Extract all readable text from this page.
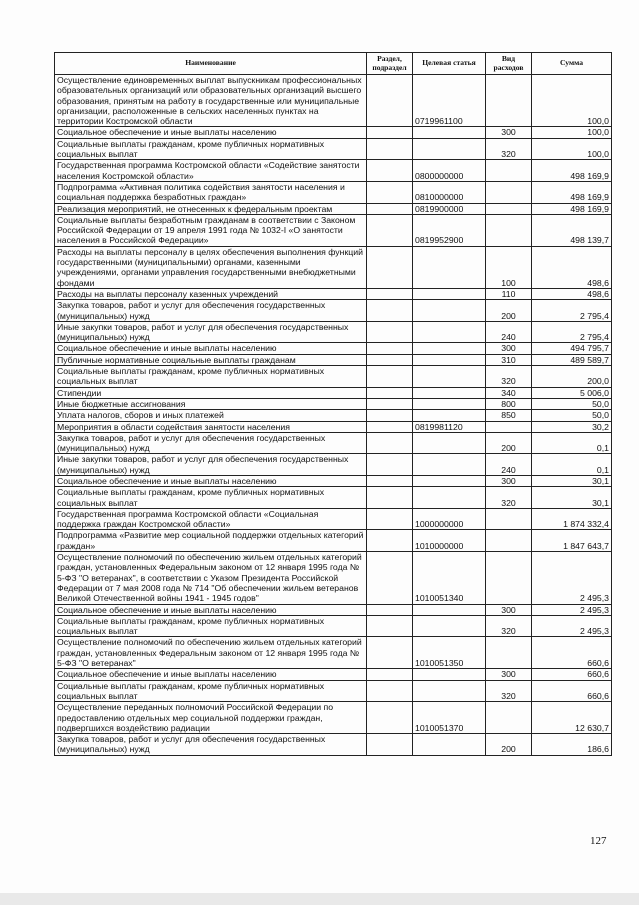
Наименование	Раздел, подраздел	Целевая статья	Вид расходов	Сумма
Осуществление единовременных выплат выпускникам профессиональных образовательных организаций или образовательных организаций высшего образования, принятым на работу в государственные или муниципальные организации, расположенные в сельских населенных пунктах на территории Костромской области		0719961100		100,0
Социальное обеспечение и иные выплаты населению			300	100,0
Социальные выплаты гражданам, кроме публичных нормативных социальных выплат			320	100,0
Государственная программа Костромской области «Содействие занятости населения Костромской области»		0800000000		498 169,9
Подпрограмма «Активная политика содействия занятости населения и социальная поддержка безработных граждан»		0810000000		498 169,9
Реализация мероприятий, не отнесенных к федеральным проектам		0819900000		498 169,9
Социальные выплаты безработным гражданам в соответствии с Законом Российской Федерации от 19 апреля 1991 года № 1032-I «О занятости населения в Российской Федерации»		0819952900		498 139,7
Расходы на выплаты персоналу в целях обеспечения выполнения функций государственными (муниципальными) органами, казенными учреждениями, органами управления государственными внебюджетными фондами			100	498,6
Расходы на выплаты персоналу казенных учреждений			110	498,6
Закупка товаров, работ и услуг для обеспечения государственных (муниципальных) нужд			200	2 795,4
Иные закупки товаров, работ и услуг для обеспечения государственных (муниципальных) нужд			240	2 795,4
Социальное обеспечение и иные выплаты населению			300	494 795,7
Публичные нормативные социальные выплаты гражданам			310	489 589,7
Социальные выплаты гражданам, кроме публичных нормативных социальных выплат			320	200,0
Стипендии			340	5 006,0
Иные бюджетные ассигнования			800	50,0
Уплата налогов, сборов и иных платежей			850	50,0
Мероприятия в области содействия занятости населения		0819981120		30,2
Закупка товаров, работ и услуг для обеспечения государственных (муниципальных) нужд			200	0,1
Иные закупки товаров, работ и услуг для обеспечения государственных (муниципальных) нужд			240	0,1
Социальное обеспечение и иные выплаты населению			300	30,1
Социальные выплаты гражданам, кроме публичных нормативных социальных выплат			320	30,1
Государственная программа Костромской области «Социальная поддержка граждан Костромской области»		1000000000		1 874 332,4
Подпрограмма «Развитие мер социальной поддержки отдельных категорий граждан»		1010000000		1 847 643,7
Осуществление полномочий по обеспечению жильем отдельных категорий граждан, установленных Федеральным законом от 12 января 1995 года № 5-ФЗ "О ветеранах", в соответствии с Указом Президента Российской Федерации от 7 мая 2008 года № 714 "Об обеспечении жильем ветеранов Великой Отечественной войны 1941 - 1945 годов"		1010051340		2 495,3
Социальное обеспечение и иные выплаты населению			300	2 495,3
Социальные выплаты гражданам, кроме публичных нормативных социальных выплат			320	2 495,3
Осуществление полномочий по обеспечению жильем отдельных категорий граждан, установленных Федеральным законом от 12 января 1995 года № 5-ФЗ "О ветеранах"		1010051350		660,6
Социальное обеспечение и иные выплаты населению			300	660,6
Социальные выплаты гражданам, кроме публичных нормативных социальных выплат			320	660,6
Осуществление переданных полномочий Российской Федерации по предоставлению отдельных мер социальной поддержки граждан, подвергшихся воздействию радиации		1010051370		12 630,7
Закупка товаров, работ и услуг для обеспечения государственных (муниципальных) нужд			200	186,6
127
